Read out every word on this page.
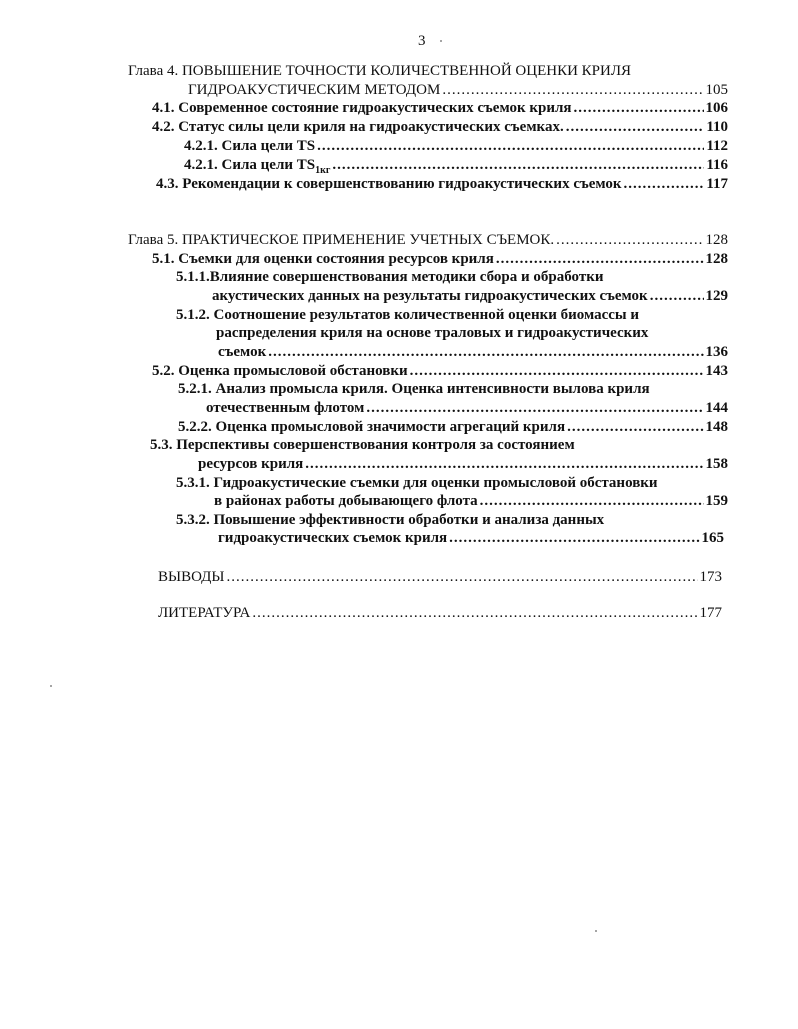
3
Глава 4. ПОВЫШЕНИЕ ТОЧНОСТИ КОЛИЧЕСТВЕННОЙ ОЦЕНКИ КРИЛЯ
ГИДРОАКУСТИЧЕСКИМ МЕТОДОМ .....	105
4.1. Современное состояние гидроакустических съемок криля .....	106
4.2. Статус силы цели криля на гидроакустических съемках. .....	110
4.2.1. Сила цели TS .....	112
4.2.1. Сила цели $TS_{1кг}$ .....	116
4.3. Рекомендации к совершенствованию гидроакустических съемок .....	117
Глава 5. ПРАКТИЧЕСКОЕ ПРИМЕНЕНИЕ УЧЕТНЫХ СЪЕМОК. .....	128
5.1. Съемки для оценки состояния ресурсов криля .....	128
5.1.1.Влияние совершенствования методики сбора и обработки
акустических данных на результаты гидроакустических съемок .....	129
5.1.2. Соотношение результатов количественной оценки биомассы и
распределения криля на основе траловых и гидроакустических
съемок .....	136
5.2. Оценка промысловой обстановки .....	143
5.2.1. Анализ промысла криля. Оценка интенсивности вылова криля
отечественным флотом .....	144
5.2.2. Оценка промысловой значимости агрегаций криля .....	148
5.3. Перспективы совершенствования контроля за состоянием
ресурсов криля .....	158
5.3.1. Гидроакустические съемки для оценки промысловой обстановки
в районах работы добывающего флота .....	159
5.3.2. Повышение эффективности обработки и анализа данных
гидроакустических съемок криля .....	165
ВЫВОДЫ .....	173
ЛИТЕРАТУРА .....	177
